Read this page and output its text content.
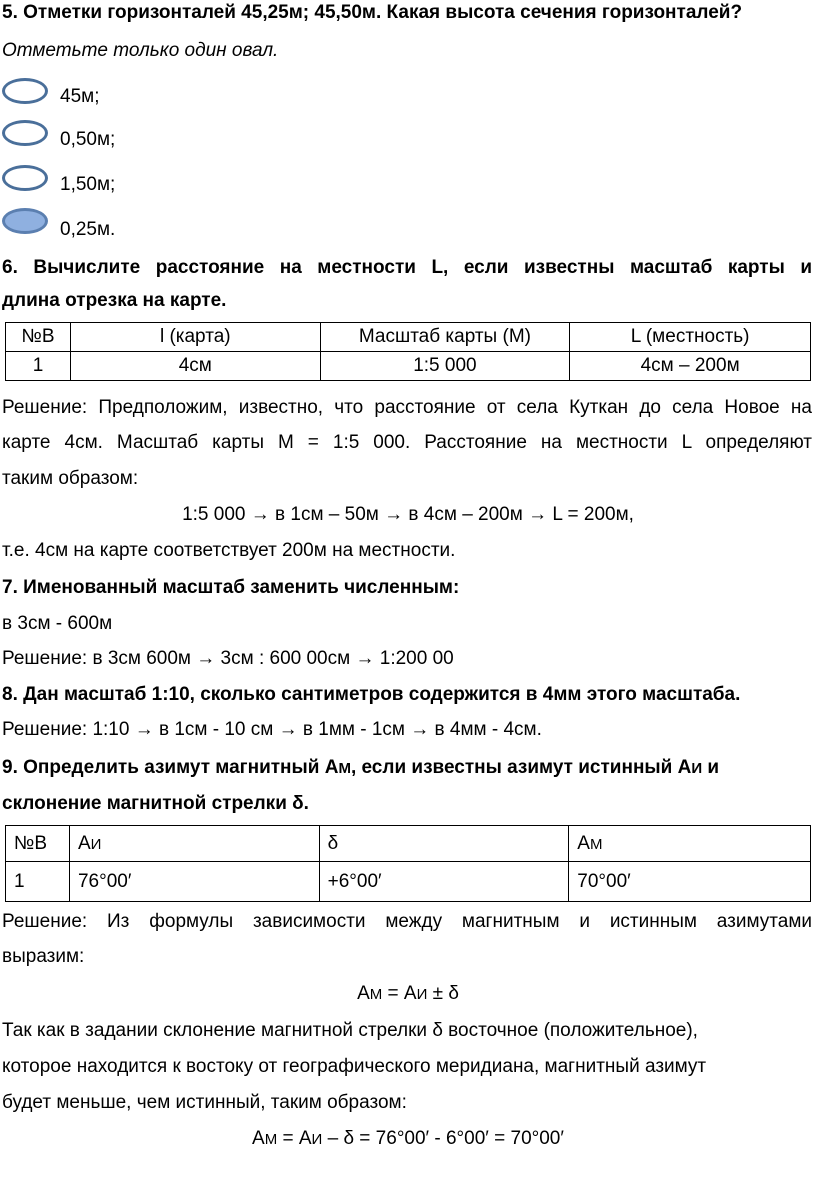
5. Отметки горизонталей 45,25м; 45,50м. Какая высота сечения горизонталей?
Отметьте только один овал.
45м;
0,50м;
1,50м;
0,25м.
6. Вычислите расстояние на местности L, если известны масштаб карты и
длина отрезка на карте.
№В	l (карта)	Масштаб карты (М)	L (местность)
1	4см	1:5 000	4см – 200м
Решение: Предположим, известно, что расстояние от села Куткан до села Новое на
карте 4см. Масштаб карты М = 1:5 000. Расстояние на местности L определяют
таким образом:
1:5 000 → в 1см – 50м → в 4см – 200м → L = 200м,
т.е. 4см на карте соответствует 200м на местности.
7. Именованный масштаб заменить численным:
в 3см - 600м
Решение: в 3см 600м → 3см : 600 00см → 1:200 00
8. Дан масштаб 1:10, сколько сантиметров содержится в 4мм этого масштаба.
Решение: 1:10 → в 1см - 10 см → в 1мм - 1см → в 4мм - 4см.
9. Определить азимут магнитный АМ, если известны азимут истинный АИ и
склонение магнитной стрелки δ.
№В	АИ	δ	АМ
1	76°00′	+6°00′	70°00′
Решение: Из формулы зависимости между магнитным и истинным азимутами
выразим:
АМ = АИ ± δ
Так как в задании склонение магнитной стрелки δ восточное (положительное),
которое находится к востоку от географического меридиана, магнитный азимут
будет меньше, чем истинный, таким образом:
АМ = АИ – δ = 76°00′ - 6°00′ = 70°00′
